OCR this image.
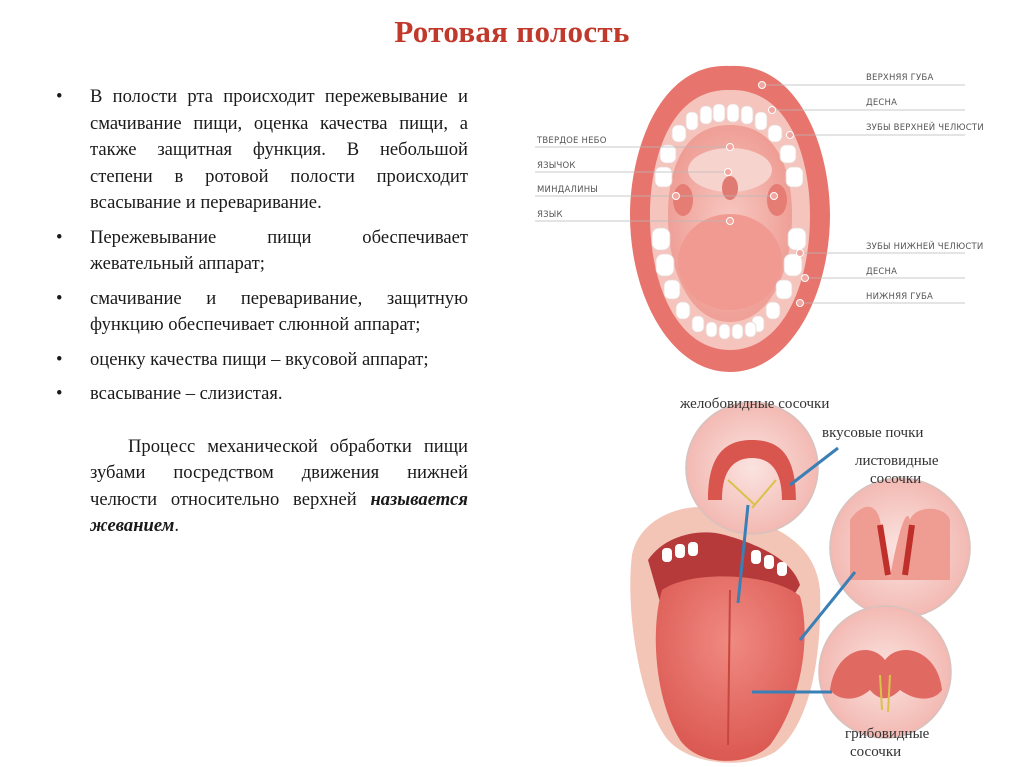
Ротовая полость
• В полости рта происходит пережевывание и смачивание пищи, оценка качества пищи, а также защитная функция. В небольшой степени в ротовой полости происходит всасывание и переваривание.
• Пережевывание пищи обеспечивает жевательный аппарат;
• смачивание и переваривание, защитную функцию обеспечивает слюнной аппарат;
• оценку качества пищи – вкусовой аппарат;
• всасывание – слизистая.

Процесс механической обработки пищи зубами посредством движения нижней челюсти относительно верхней называется жеванием.

ТВЕРДОЕ НЕБО
ЯЗЫЧОК
МИНДАЛИНЫ
ЯЗЫК
ВЕРХНЯЯ ГУБА
ДЕСНА
ЗУБЫ ВЕРХНЕЙ ЧЕЛЮСТИ
ЗУБЫ НИЖНЕЙ ЧЕЛЮСТИ
ДЕСНА
НИЖНЯЯ ГУБА
желобовидные сосочки
вкусовые почки
листовидные
сосочки
грибовидные
сосочки
